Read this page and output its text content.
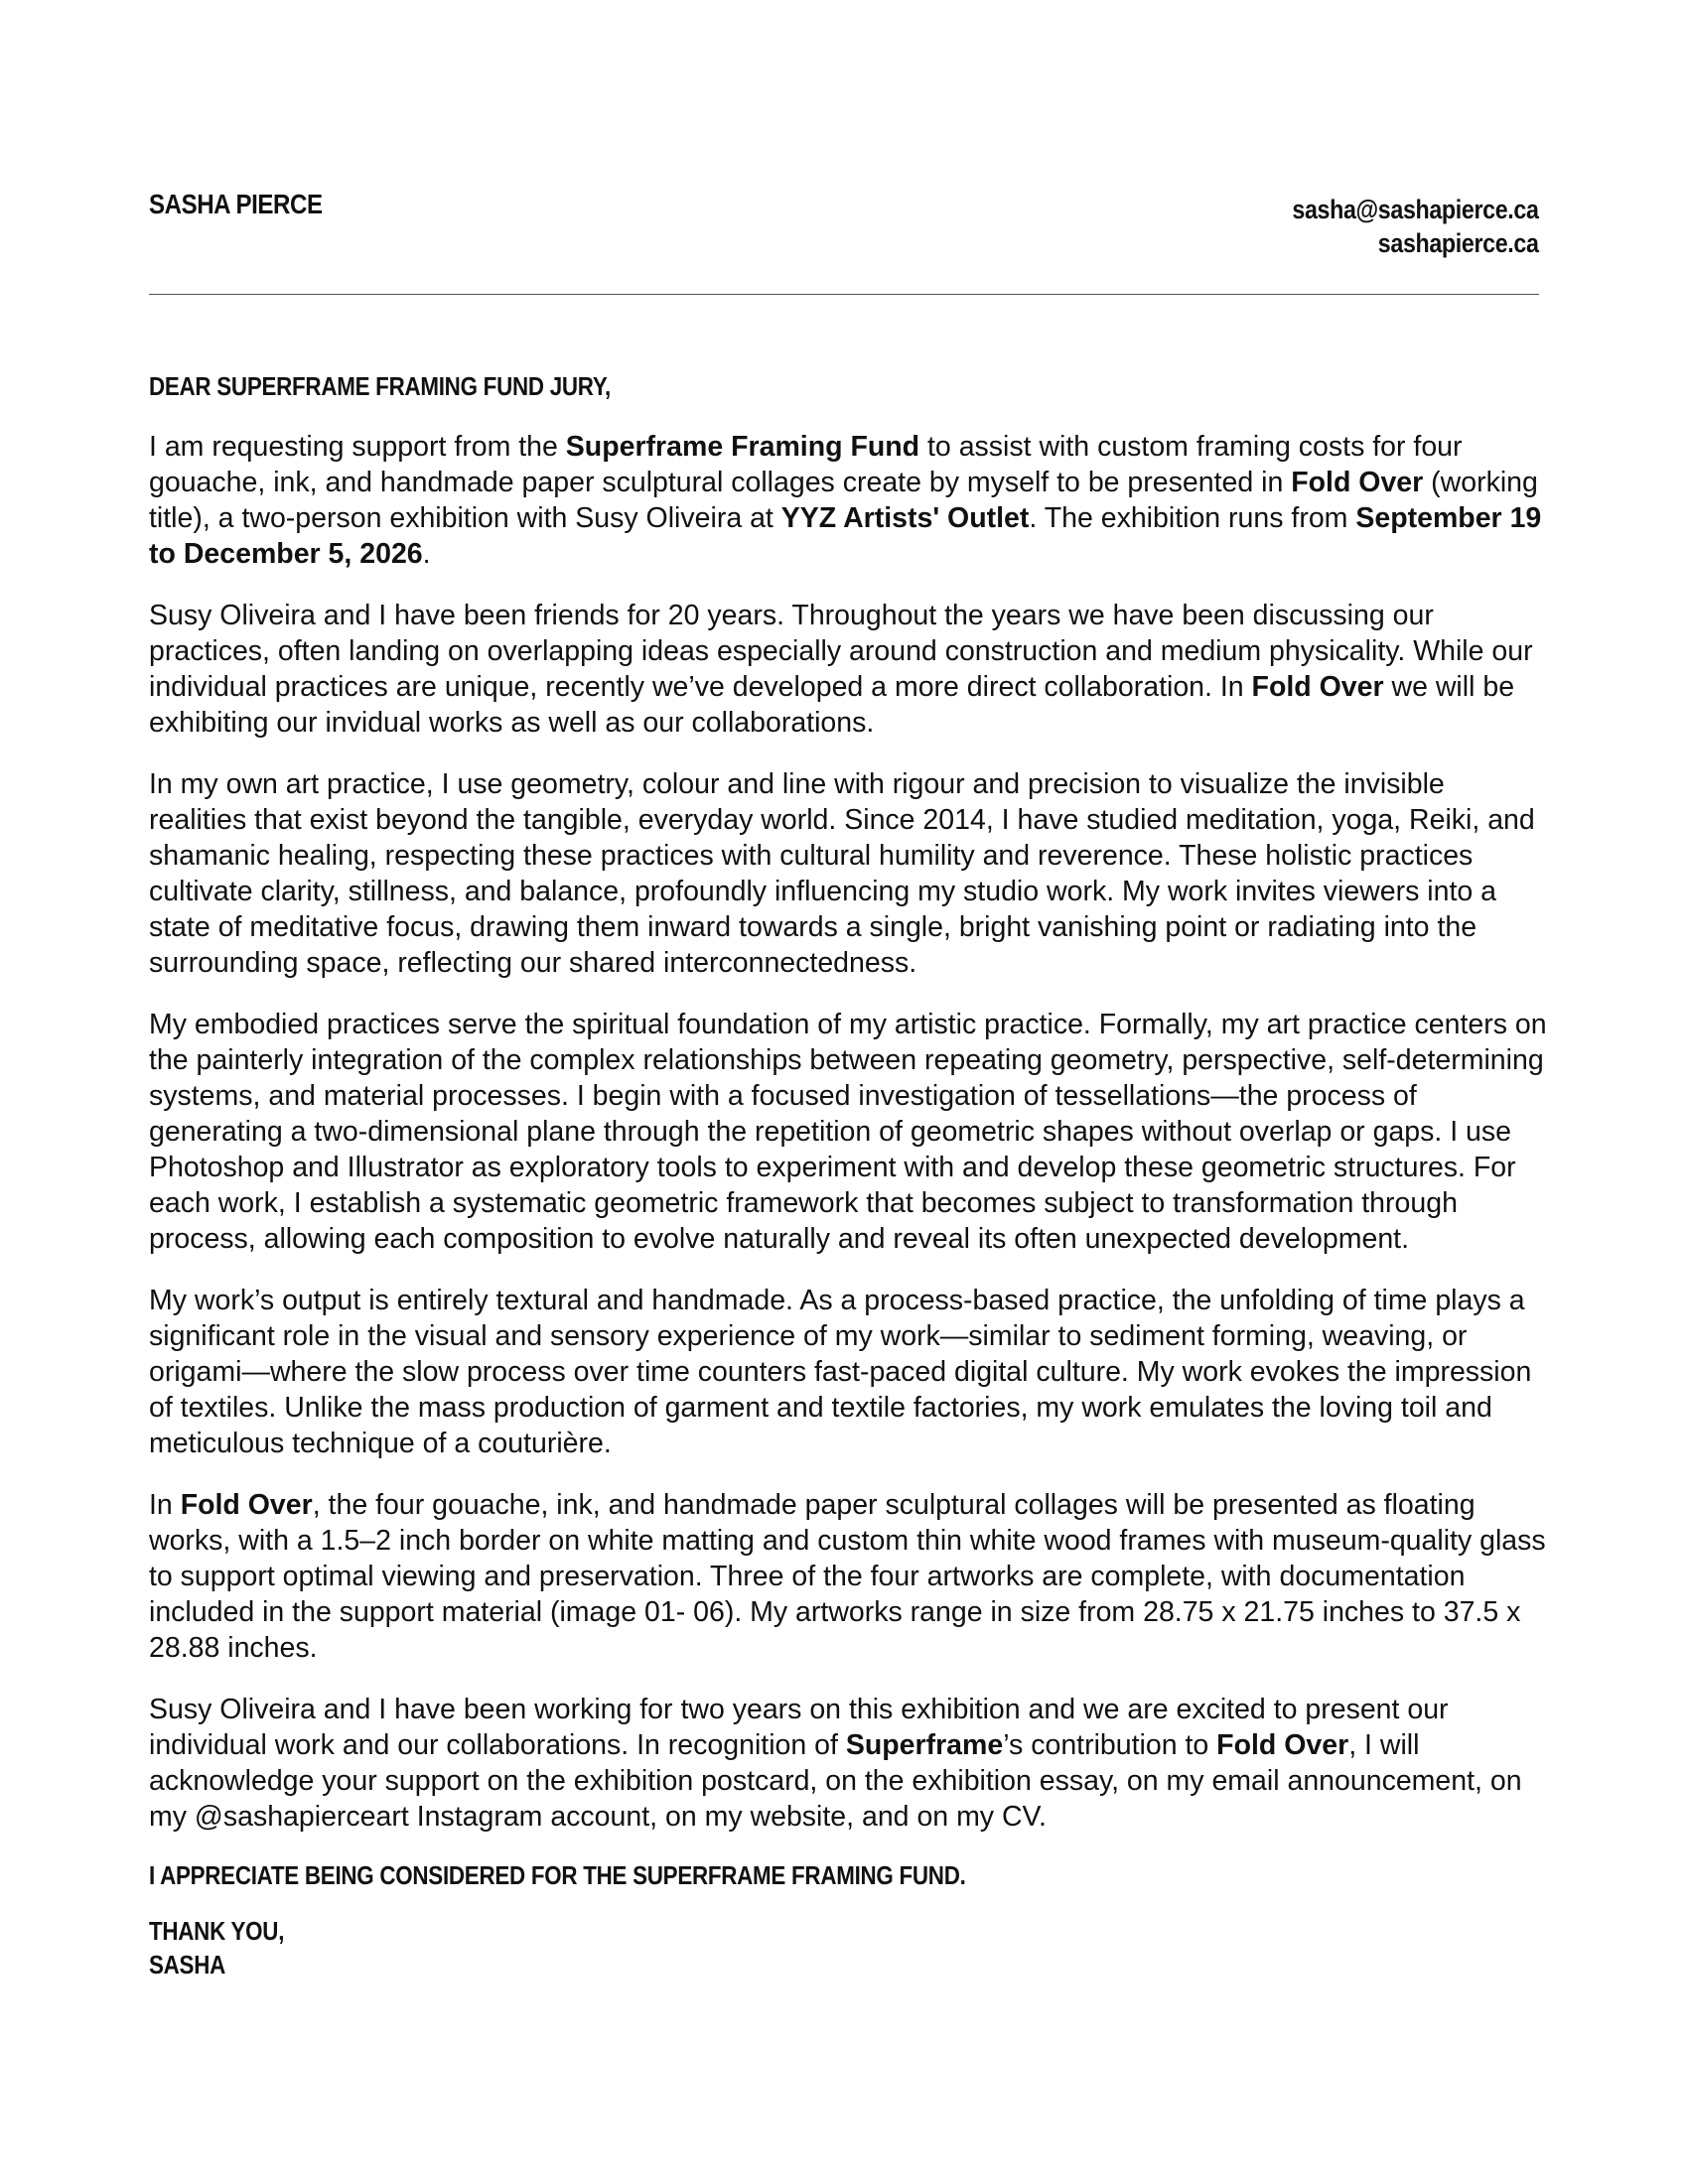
SASHA PIERCE	sasha@sashapierce.ca
sashapierce.ca
DEAR SUPERFRAME FRAMING FUND JURY,

I am requesting support from the Superframe Framing Fund to assist with custom framing costs for four gouache, ink, and handmade paper sculptural collages create by myself to be presented in Fold Over (working title), a two-person exhibition with Susy Oliveira at YYZ Artists' Outlet. The exhibition runs from September 19 to December 5, 2026.

Susy Oliveira and I have been friends for 20 years. Throughout the years we have been discussing our practices, often landing on overlapping ideas especially around construction and medium physicality. While our individual practices are unique, recently we’ve developed a more direct collaboration. In Fold Over we will be exhibiting our invidual works as well as our collaborations.

In my own art practice, I use geometry, colour and line with rigour and precision to visualize the invisible realities that exist beyond the tangible, everyday world. Since 2014, I have studied meditation, yoga, Reiki, and shamanic healing, respecting these practices with cultural humility and reverence. These holistic practices cultivate clarity, stillness, and balance, profoundly influencing my studio work. My work invites viewers into a state of meditative focus, drawing them inward towards a single, bright vanishing point or radiating into the surrounding space, reflecting our shared interconnectedness.

My embodied practices serve the spiritual foundation of my artistic practice. Formally, my art practice centers on the painterly integration of the complex relationships between repeating geometry, perspective, self-determining systems, and material processes. I begin with a focused investigation of tessellations—the process of generating a two-dimensional plane through the repetition of geometric shapes without overlap or gaps. I use Photoshop and Illustrator as exploratory tools to experiment with and develop these geometric structures. For each work, I establish a systematic geometric framework that becomes subject to transformation through process, allowing each composition to evolve naturally and reveal its often unexpected development.

My work’s output is entirely textural and handmade. As a process-based practice, the unfolding of time plays a significant role in the visual and sensory experience of my work—similar to sediment forming, weaving, or origami—where the slow process over time counters fast-paced digital culture. My work evokes the impression of textiles. Unlike the mass production of garment and textile factories, my work emulates the loving toil and meticulous technique of a couturière.

In Fold Over, the four gouache, ink, and handmade paper sculptural collages will be presented as floating works, with a 1.5–2 inch border on white matting and custom thin white wood frames with museum-quality glass to support optimal viewing and preservation. Three of the four artworks are complete, with documentation included in the support material (image 01- 06). My artworks range in size from 28.75 x 21.75 inches to 37.5 x 28.88 inches.

Susy Oliveira and I have been working for two years on this exhibition and we are excited to present our individual work and our collaborations. In recognition of Superframe’s contribution to Fold Over, I will acknowledge your support on the exhibition postcard, on the exhibition essay, on my email announcement, on my @sashapierceart Instagram account, on my website, and on my CV.

I APPRECIATE BEING CONSIDERED FOR THE SUPERFRAME FRAMING FUND.
THANK YOU,
SASHA
